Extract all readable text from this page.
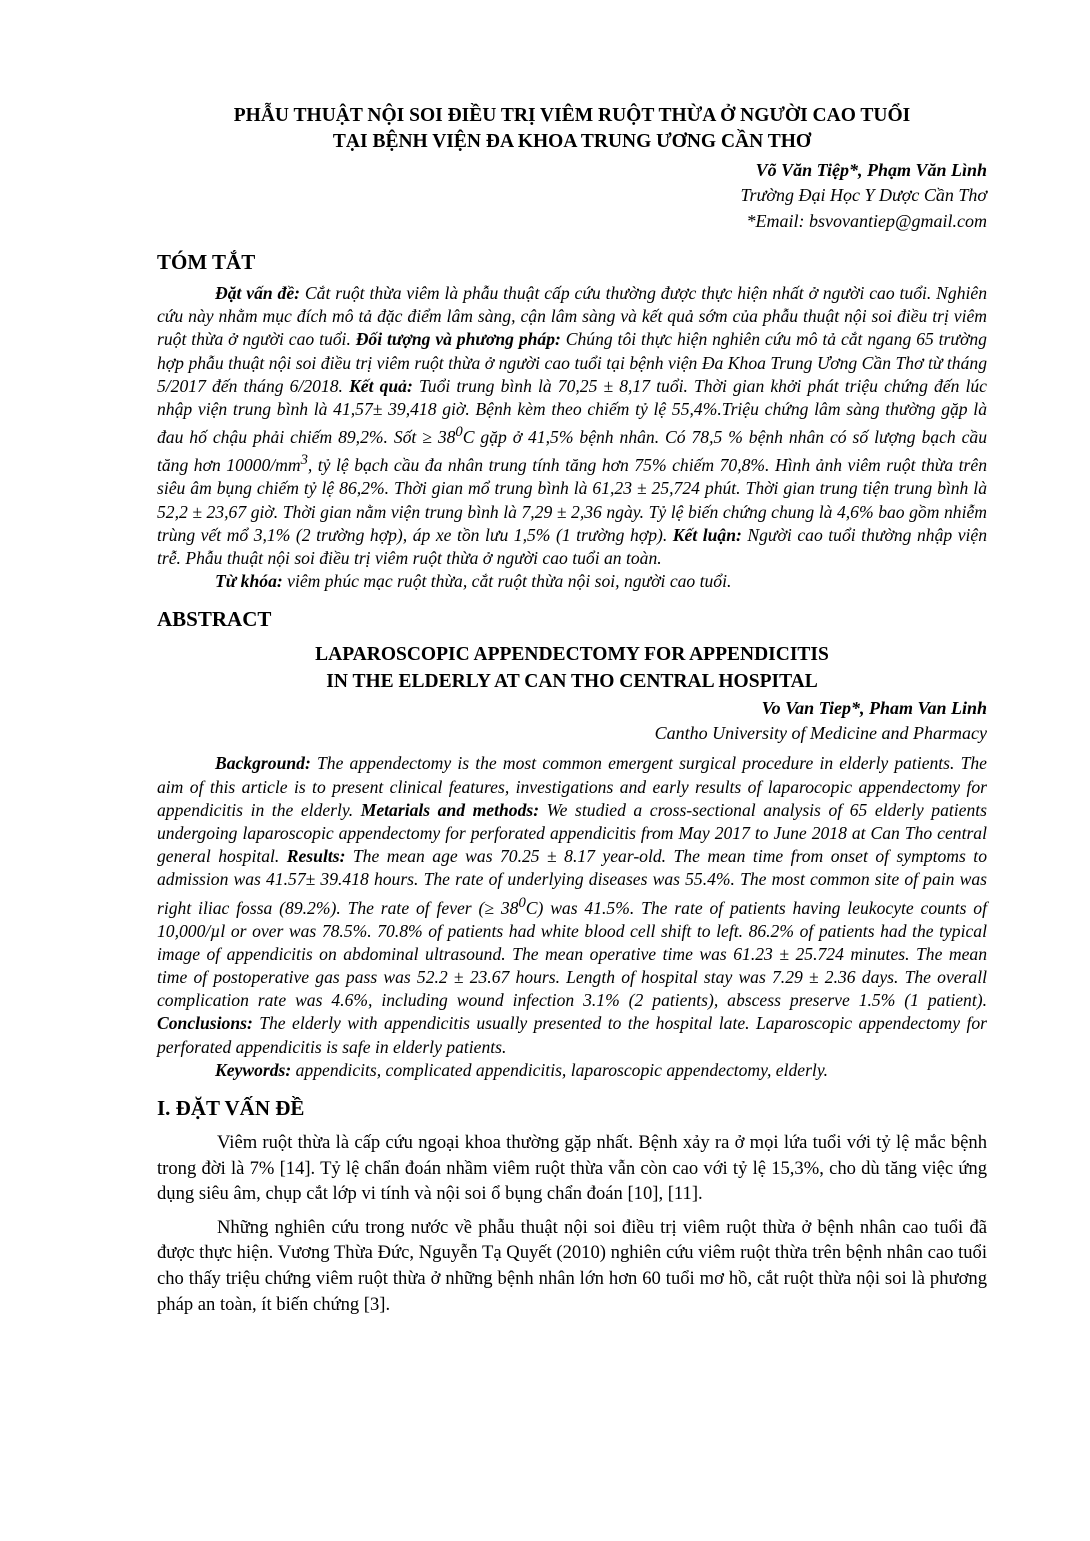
PHẪU THUẬT NỘI SOI ĐIỀU TRỊ VIÊM RUỘT THỪA Ở NGƯỜI CAO TUỔI
TẠI BỆNH VIỆN ĐA KHOA TRUNG ƯƠNG CẦN THƠ
Võ Văn Tiệp*, Phạm Văn Lình
Trường Đại Học Y Dược Cần Thơ
*Email: bsvovantiep@gmail.com
TÓM TẮT

Đặt vấn đề: Cắt ruột thừa viêm là phẫu thuật cấp cứu thường được thực hiện nhất ở người cao tuổi. Nghiên cứu này nhằm mục đích mô tả đặc điểm lâm sàng, cận lâm sàng và kết quả sớm của phẫu thuật nội soi điều trị viêm ruột thừa ở người cao tuổi. Đối tượng và phương pháp: Chúng tôi thực hiện nghiên cứu mô tả cắt ngang 65 trường hợp phẫu thuật nội soi điều trị viêm ruột thừa ở người cao tuổi tại bệnh viện Đa Khoa Trung Ương Cần Thơ từ tháng 5/2017 đến tháng 6/2018. Kết quả: Tuổi trung bình là 70,25 ± 8,17 tuổi. Thời gian khởi phát triệu chứng đến lúc nhập viện trung bình là 41,57± 39,418 giờ. Bệnh kèm theo chiếm tỷ lệ 55,4%.Triệu chứng lâm sàng thường gặp là đau hố chậu phải chiếm 89,2%. Sốt ≥ $38^0C$ gặp ở 41,5% bệnh nhân. Có 78,5 % bệnh nhân có số lượng bạch cầu tăng hơn $10000/mm^3$, tỷ lệ bạch cầu đa nhân trung tính tăng hơn 75% chiếm 70,8%. Hình ảnh viêm ruột thừa trên siêu âm bụng chiếm tỷ lệ 86,2%. Thời gian mổ trung bình là 61,23 ± 25,724 phút. Thời gian trung tiện trung bình là 52,2 ± 23,67 giờ. Thời gian nằm viện trung bình là 7,29 ± 2,36 ngày. Tỷ lệ biến chứng chung là 4,6% bao gồm nhiễm trùng vết mổ 3,1% (2 trường hợp), áp xe tồn lưu 1,5% (1 trường hợp). Kết luận: Người cao tuổi thường nhập viện trễ. Phẫu thuật nội soi điều trị viêm ruột thừa ở người cao tuổi an toàn.

Từ khóa: viêm phúc mạc ruột thừa, cắt ruột thừa nội soi, người cao tuổi.

ABSTRACT
LAPAROSCOPIC APPENDECTOMY FOR APPENDICITIS
IN THE ELDERLY AT CAN THO CENTRAL HOSPITAL
Vo Van Tiep*, Pham Van Linh
Cantho University of Medicine and Pharmacy

Background: The appendectomy is the most common emergent surgical procedure in elderly patients. The aim of this article is to present clinical features, investigations and early results of laparocopic appendectomy for appendicitis in the elderly. Metarials and methods: We studied a cross-sectional analysis of 65 elderly patients undergoing laparoscopic appendectomy for perforated appendicitis from May 2017 to June 2018 at Can Tho central general hospital. Results: The mean age was 70.25 ± 8.17 year-old. The mean time from onset of symptoms to admission was 41.57± 39.418 hours. The rate of underlying diseases was 55.4%. The most common site of pain was right iliac fossa (89.2%). The rate of fever (≥ $38^0C$) was 41.5%. The rate of patients having leukocyte counts of 10,000/µl or over was 78.5%. 70.8% of patients had white blood cell shift to left. 86.2% of patients had the typical image of appendicitis on abdominal ultrasound. The mean operative time was 61.23 ± 25.724 minutes. The mean time of postoperative gas pass was 52.2 ± 23.67 hours. Length of hospital stay was 7.29 ± 2.36 days. The overall complication rate was 4.6%, including wound infection 3.1% (2 patients), abscess preserve 1.5% (1 patient). Conclusions: The elderly with appendicitis usually presented to the hospital late. Laparoscopic appendectomy for perforated appendicitis is safe in elderly patients.

Keywords: appendicits, complicated appendicitis, laparoscopic appendectomy, elderly.

I. ĐẶT VẤN ĐỀ

Viêm ruột thừa là cấp cứu ngoại khoa thường gặp nhất. Bệnh xảy ra ở mọi lứa tuổi với tỷ lệ mắc bệnh trong đời là 7% [14]. Tỷ lệ chẩn đoán nhầm viêm ruột thừa vẫn còn cao với tỷ lệ 15,3%, cho dù tăng việc ứng dụng siêu âm, chụp cắt lớp vi tính và nội soi ổ bụng chẩn đoán [10], [11].

Những nghiên cứu trong nước về phẫu thuật nội soi điều trị viêm ruột thừa ở bệnh nhân cao tuổi đã được thực hiện. Vương Thừa Đức, Nguyễn Tạ Quyết (2010) nghiên cứu viêm ruột thừa trên bệnh nhân cao tuổi cho thấy triệu chứng viêm ruột thừa ở những bệnh nhân lớn hơn 60 tuổi mơ hồ, cắt ruột thừa nội soi là phương pháp an toàn, ít biến chứng [3].
